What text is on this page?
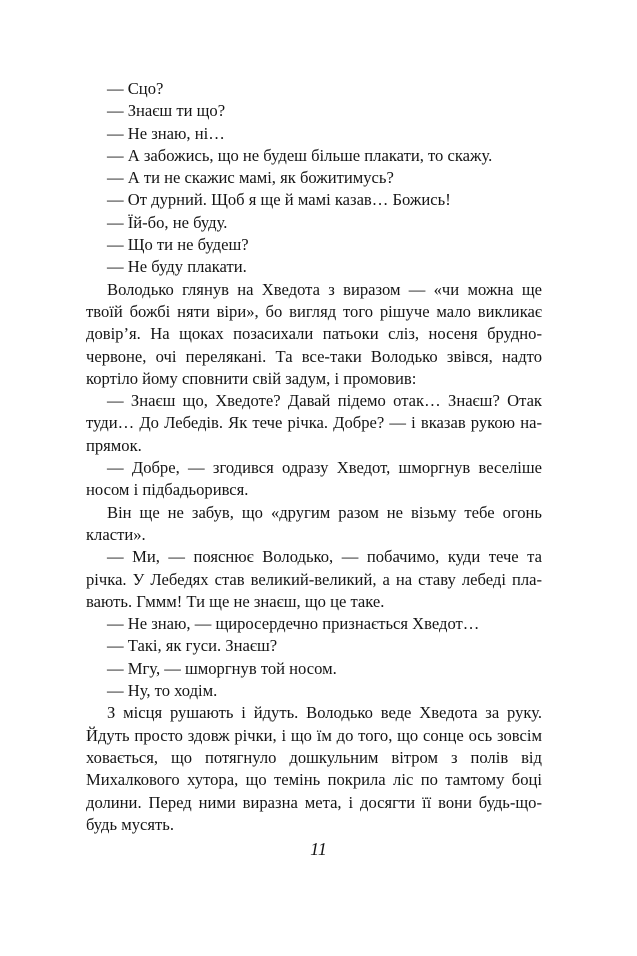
— Сцо?

— Знаєш ти що?

— Не знаю, ні…

— А забожись, що не будеш більше плакати, то скажу.

— А ти не скажис мамі, як божитимусь?

— От дурний. Щоб я ще й мамі казав… Божись!

— Їй-бо, не буду.

— Що ти не будеш?

— Не буду плакати.

Володько глянув на Хведота з виразом — «чи можна ще твоїй божбі няти віри», бо вигляд того рішуче мало викликає довір’я. На щоках позасихали патьоки сліз, носеня брудно-червоне, очі переляканi. Та все-таки Володько звівся, надто кортіло йому сповнити свій задум, і промовив:

— Знаєш що, Хведоте? Давай підемо отак… Знаєш? Отак туди… До Лебедів. Як тече річка. Добре? — і вказав рукою напрямок.

— Добре, — згодився одразу Хведот, шморгнув веселіше носом і підбадьорився.

Він ще не забув, що «другим разом не візьму тебе огонь класти».

— Ми, — пояснює Володько, — побачимо, куди тече та річка. У Лебедях став великий-великий, а на ставу лебеді плавають. Гммм! Ти ще не знаєш, що це таке.

— Не знаю, — щиросердечно признається Хведот…

— Такі, як гуси. Знаєш?

— Мгу, — шморгнув той носом.

— Ну, то ходім.

З місця рушають і йдуть. Володько веде Хведота за руку. Йдуть просто здовж річки, і що їм до того, що сонце ось зовсім ховається, що потягнуло дошкульним вітром з полів від Михалкового хутора, що темінь покрила ліс по тамтому боці долини. Перед ними виразна мета, і досягти її вони будь-що-будь мусять.

11
